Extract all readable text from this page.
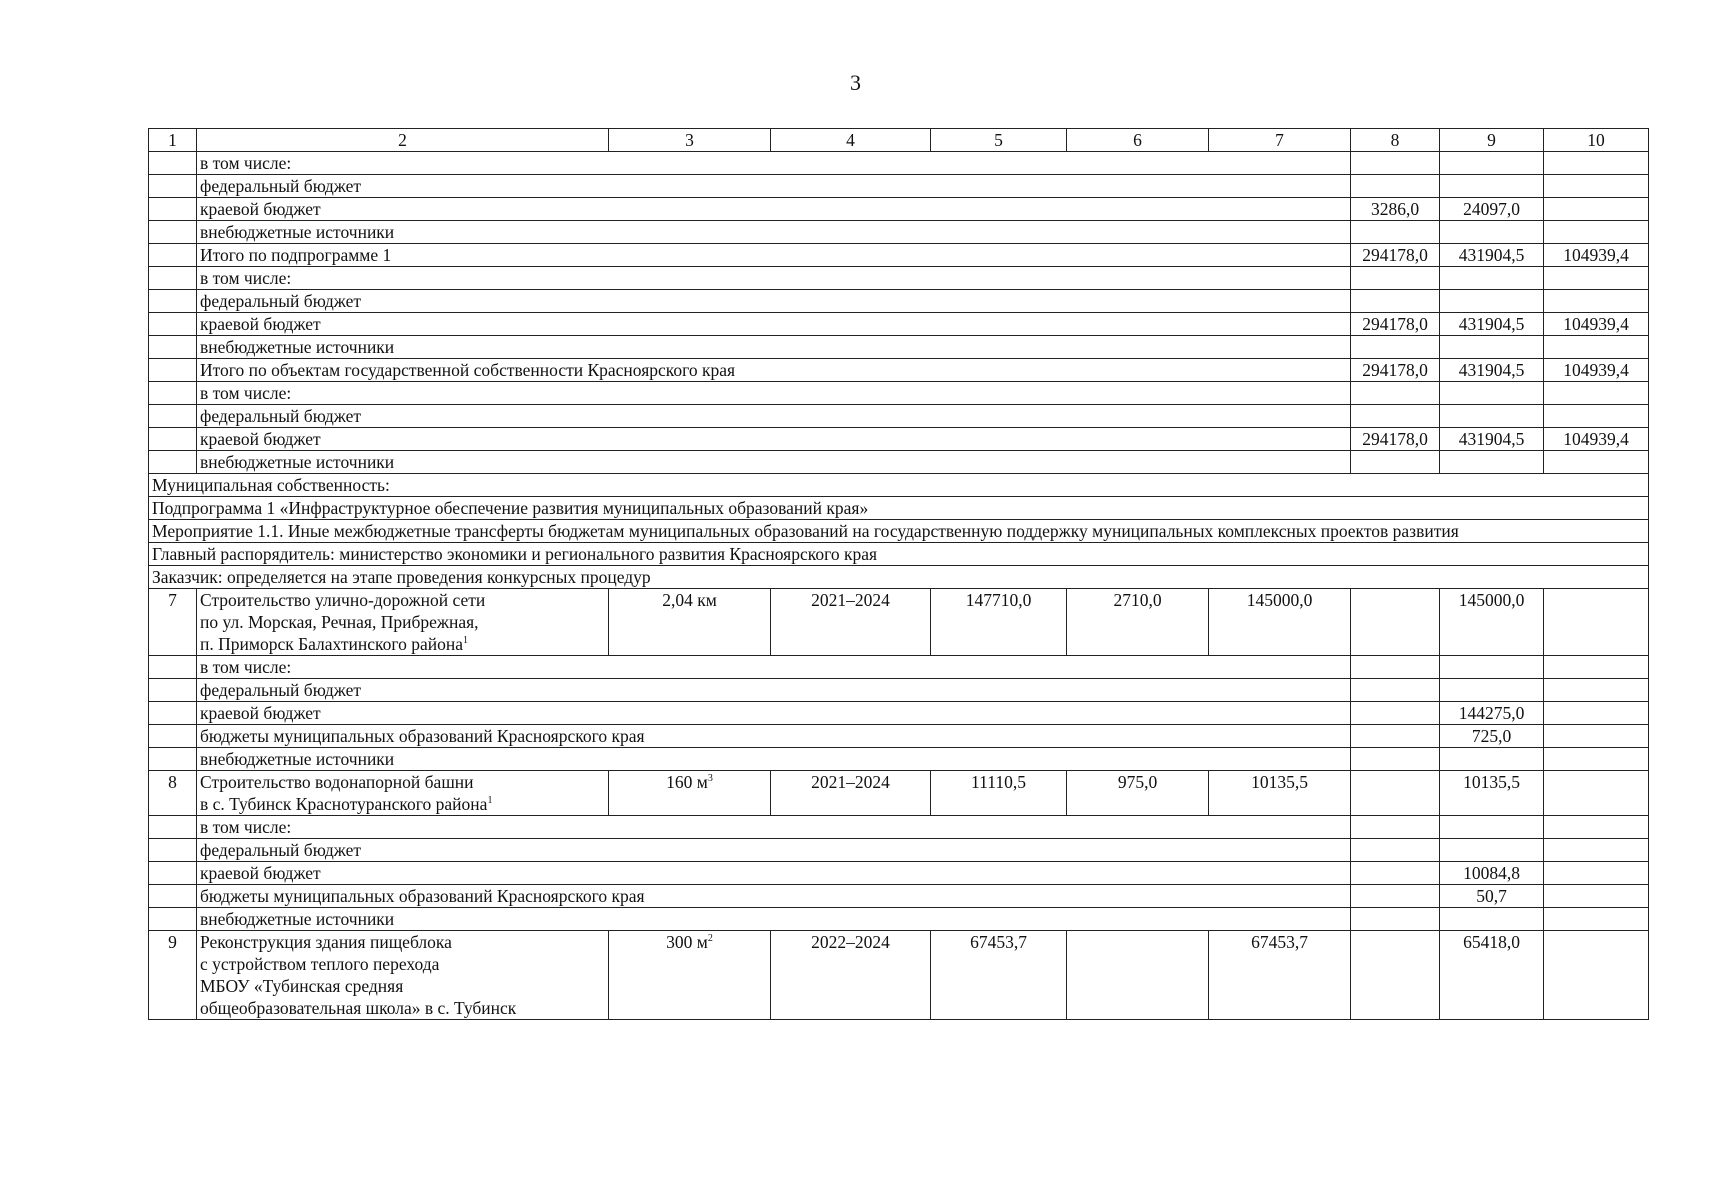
3
1	2	3	4	5	6	7	8	9	10
	в том числе:								
	федеральный бюджет								
	краевой бюджет						3286,0	24097,0	
	внебюджетные источники								
	Итого по подпрограмме 1						294178,0	431904,5	104939,4
	в том числе:								
	федеральный бюджет								
	краевой бюджет						294178,0	431904,5	104939,4
	внебюджетные источники								
	Итого по объектам государственной собственности Красноярского края						294178,0	431904,5	104939,4
	в том числе:								
	федеральный бюджет								
	краевой бюджет						294178,0	431904,5	104939,4
	внебюджетные источники								
Муниципальная собственность:									
Подпрограмма 1 «Инфраструктурное обеспечение развития муниципальных образований края»									
Мероприятие 1.1. Иные межбюджетные трансферты бюджетам муниципальных образований на государственную поддержку муниципальных комплексных проектов развития									
Главный распорядитель: министерство экономики и регионального развития Красноярского края									
Заказчик: определяется на этапе проведения конкурсных процедур									
7	Строительство улично-дорожной сети
по ул. Морская, Речная, Прибрежная,
п. Приморск Балахтинского района$^1$	2,04 км	2021–2024	147710,0	2710,0	145000,0		145000,0	
	в том числе:								
	федеральный бюджет								
	краевой бюджет							144275,0	
	бюджеты муниципальных образований Красноярского края							725,0	
	внебюджетные источники								
8	Строительство водонапорной башни
в с. Тубинск Краснотуранского района$^1$	160 $м^3$	2021–2024	11110,5	975,0	10135,5		10135,5	
	в том числе:								
	федеральный бюджет								
	краевой бюджет							10084,8	
	бюджеты муниципальных образований Красноярского края							50,7	
	внебюджетные источники								
9	Реконструкция здания пищеблока
с устройством теплого перехода
МБОУ «Тубинская средняя
общеобразовательная школа» в с. Тубинск	300 $м^2$	2022–2024	67453,7		67453,7		65418,0	
